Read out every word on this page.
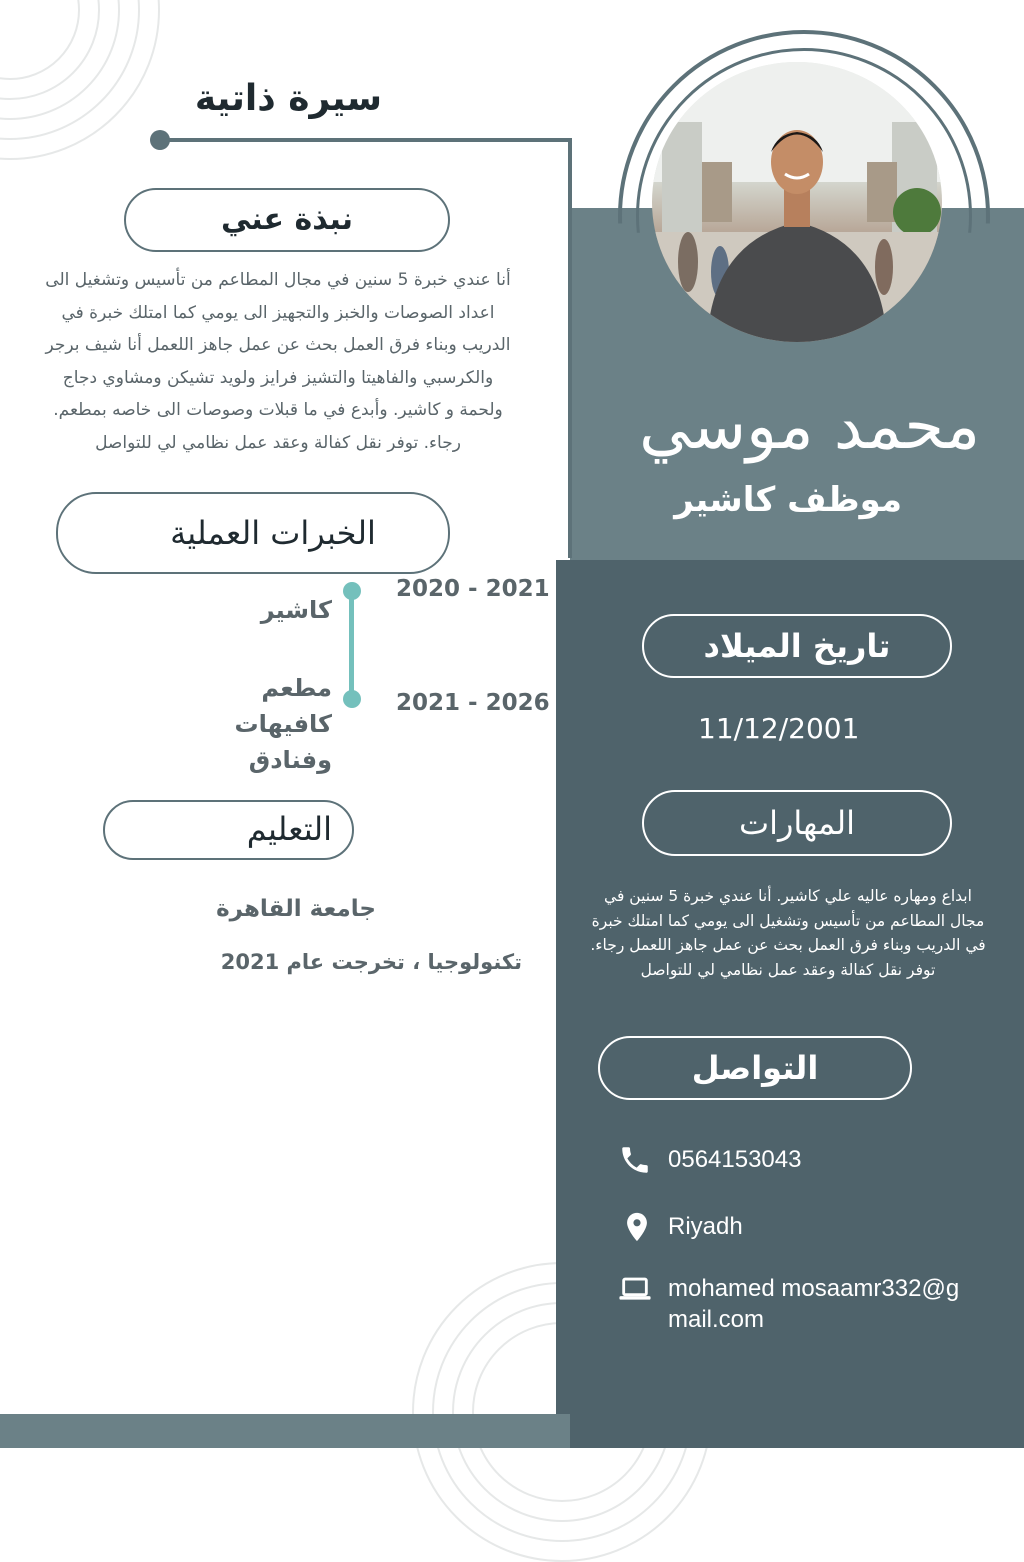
سيرة ذاتية
نبذة عني
أنا عندي خبرة 5 سنين في مجال المطاعم من تأسيس وتشغيل الى اعداد الصوصات والخبز والتجهيز الى يومي كما امتلك خبرة في الدريب وبناء فرق العمل بحث عن عمل جاهز اللعمل أنا شيف برجر والكرسبي والفاهيتا والتشيز فرايز ولويد تشيكن ومشاوي دجاج ولحمة و كاشير. وأبدع في ما قبلات وصوصات الى خاصه بمطعم. رجاء. توفر نقل كفالة وعقد عمل نظامي لي للتواصل
الخبرات العملية
2020 - 2021
2021 - 2026
كاشير
مطعم كافيهات وفنادق
التعليم
جامعة القاهرة
تكنولوجيا ، تخرجت عام 2021
محمد موسي
موظف كاشير
تاريخ الميلاد
11/12/2001
المهارات
ابداع ومهاره عاليه علي كاشير. أنا عندي خبرة 5 سنين في مجال المطاعم من تأسيس وتشغيل الى يومي كما امتلك خبرة في الدريب وبناء فرق العمل بحث عن عمل جاهز اللعمل رجاء. توفر نقل كفالة وعقد عمل نظامي لي للتواصل
التواصل
0564153043
Riyadh
mohamed mosaamr332@gmail.com
